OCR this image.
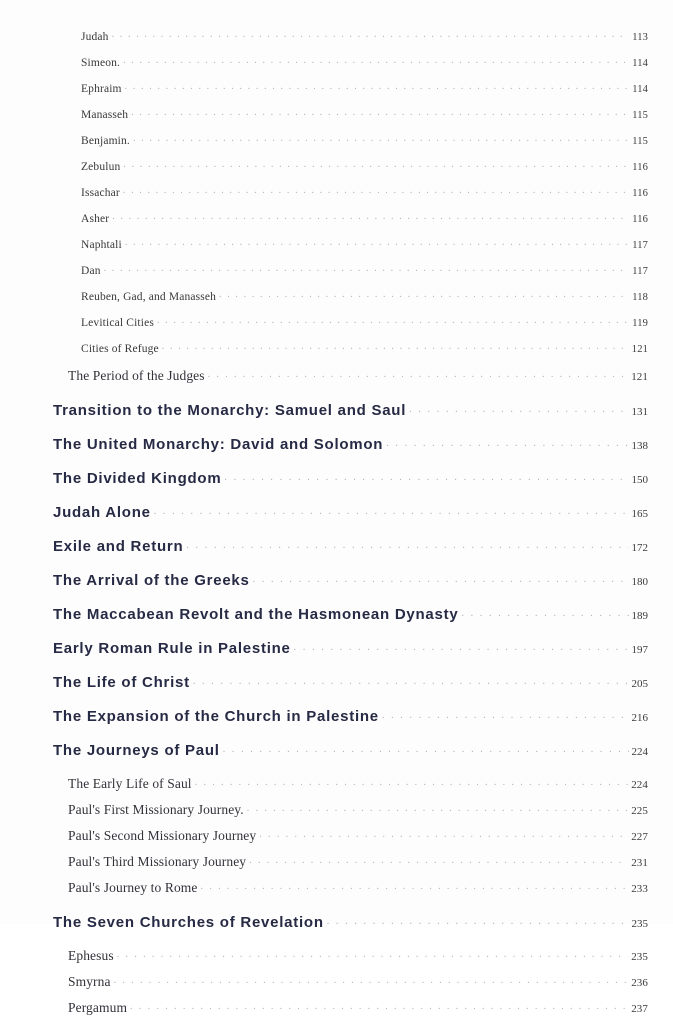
Judah . . .	113
Simeon. . . .	114
Ephraim . . .	114
Manasseh . . .	115
Benjamin. . . .	115
Zebulun . . .	116
Issachar . . .	116
Asher . . .	116
Naphtali . . .	117
Dan . . .	117
Reuben, Gad, and Manasseh . . .	118
Levitical Cities . . .	119
Cities of Refuge . . .	121
The Period of the Judges . . .	121
Transition to the Monarchy: Samuel and Saul . . .	131
The United Monarchy: David and Solomon . . .	138
The Divided Kingdom . . .	150
Judah Alone . . .	165
Exile and Return . . .	172
The Arrival of the Greeks . . .	180
The Maccabean Revolt and the Hasmonean Dynasty . . .	189
Early Roman Rule in Palestine . . .	197
The Life of Christ . . .	205
The Expansion of the Church in Palestine . . .	216
The Journeys of Paul . . .	224
The Early Life of Saul . . .	224
Paul's First Missionary Journey. . . .	225
Paul's Second Missionary Journey . . .	227
Paul's Third Missionary Journey . . .	231
Paul's Journey to Rome . . .	233
The Seven Churches of Revelation . . .	235
Ephesus . . .	235
Smyrna . . .	236
Pergamum . . .	237
